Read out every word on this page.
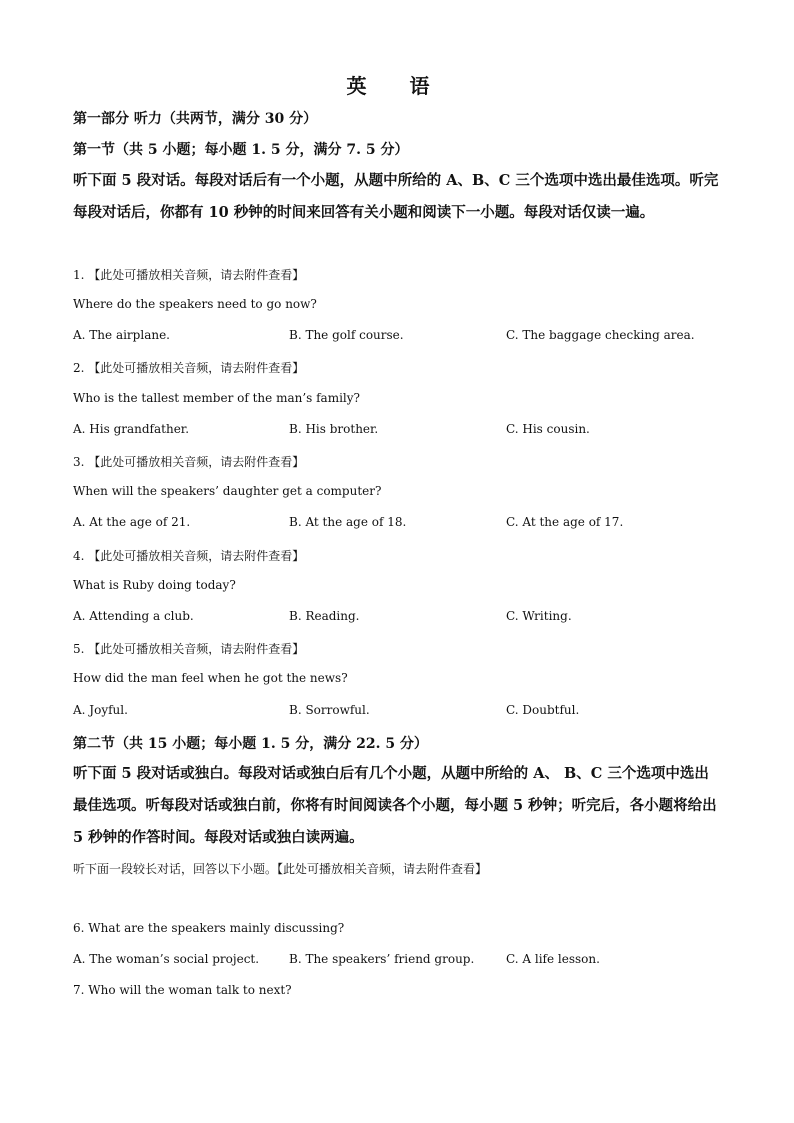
英 语
第一部分 听力（共两节，满分 30 分）
第一节（共 5 小题；每小题 1. 5 分，满分 7. 5 分）
听下面 5 段对话。每段对话后有一个小题，从题中所给的 A、B、C 三个选项中选出最佳选项。听完每段对话后，你都有 10 秒钟的时间来回答有关小题和阅读下一小题。每段对话仅读一遍。
1. 【此处可播放相关音频，请去附件查看】
Where do the speakers need to go now?
A. The airplane.	B. The golf course.	C. The baggage checking area.
2. 【此处可播放相关音频，请去附件查看】
Who is the tallest member of the man’s family?
A. His grandfather.	B. His brother.	C. His cousin.
3. 【此处可播放相关音频，请去附件查看】
When will the speakers’ daughter get a computer?
A. At the age of 21.	B. At the age of 18.	C. At the age of 17.
4. 【此处可播放相关音频，请去附件查看】
What is Ruby doing today?
A. Attending a club.	B. Reading.	C. Writing.
5. 【此处可播放相关音频，请去附件查看】
How did the man feel when he got the news?
A. Joyful.	B. Sorrowful.	C. Doubtful.
第二节（共 15 小题；每小题 1. 5 分，满分 22. 5 分）
听下面 5 段对话或独白。每段对话或独白后有几个小题，从题中所给的 A、 B、C 三个选项中选出最佳选项。听每段对话或独白前，你将有时间阅读各个小题，每小题 5 秒钟；听完后，各小题将给出 5 秒钟的作答时间。每段对话或独白读两遍。
听下面一段较长对话，回答以下小题。【此处可播放相关音频，请去附件查看】
6. What are the speakers mainly discussing?
A. The woman’s social project. B. The speakers’ friend group.	C. A life lesson.
7. Who will the woman talk to next?
